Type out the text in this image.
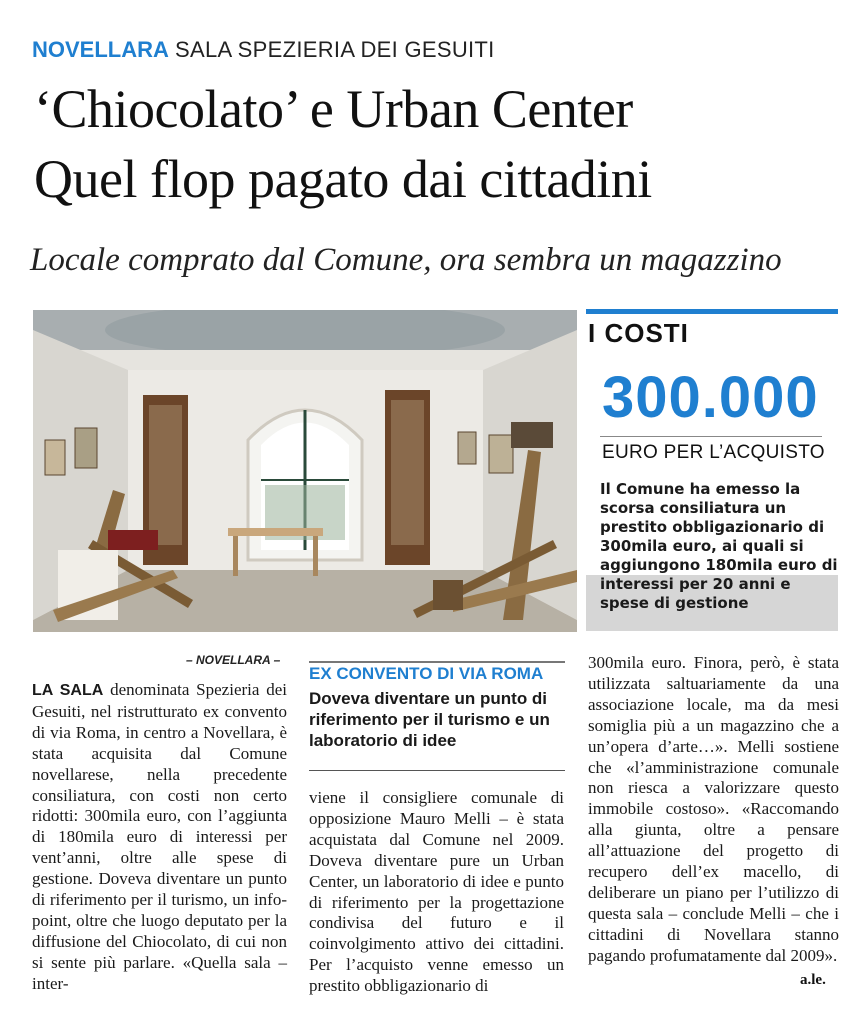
NOVELLARA SALA SPEZIERIA DEI GESUITI
‘Chiocolato’ e Urban Center
Quel flop pagato dai cittadini
Locale comprato dal Comune, ora sembra un magazzino
I COSTI
300.000
EURO PER L’ACQUISTO
Il Comune ha emesso la scorsa consiliatura un prestito obbligazionario di 300mila euro, ai quali si aggiungono 180mila euro di interessi per 20 anni e spese di gestione
– NOVELLARA –
LA SALA denominata Spezieria dei Gesuiti, nel ristrutturato ex convento di via Roma, in centro a Novellara, è stata acquisita dal Comune novellarese, nella precedente consiliatura, con costi non certo ridotti: 300mila euro, con l’aggiunta di 180mila euro di interessi per vent’anni, oltre alle spese di gestione. Doveva diventare un punto di riferimento per il turismo, un info-point, oltre che luogo deputato per la diffusione del Chiocolato, di cui non si sente più parlare. «Quella sala – inter-
EX CONVENTO DI VIA ROMA
Doveva diventare un punto di riferimento per il turismo e un laboratorio di idee
viene il consigliere comunale di opposizione Mauro Melli – è stata acquistata dal Comune nel 2009. Doveva diventare pure un Urban Center, un laboratorio di idee e punto di riferimento per la progettazione condivisa del futuro e il coinvolgimento attivo dei cittadini. Per l’acquisto venne emesso un prestito obbligazionario di
300mila euro. Finora, però, è stata utilizzata saltuariamente da una associazione locale, ma da mesi somiglia più a un magazzino che a un’opera d’arte…». Melli sostiene che «l’amministrazione comunale non riesca a valorizzare questo immobile costoso». «Raccomando alla giunta, oltre a pensare all’attuazione del progetto di recupero dell’ex macello, di deliberare un piano per l’utilizzo di questa sala – conclude Melli – che i cittadini di Novellara stanno pagando profumatamente dal 2009».
a.le.
